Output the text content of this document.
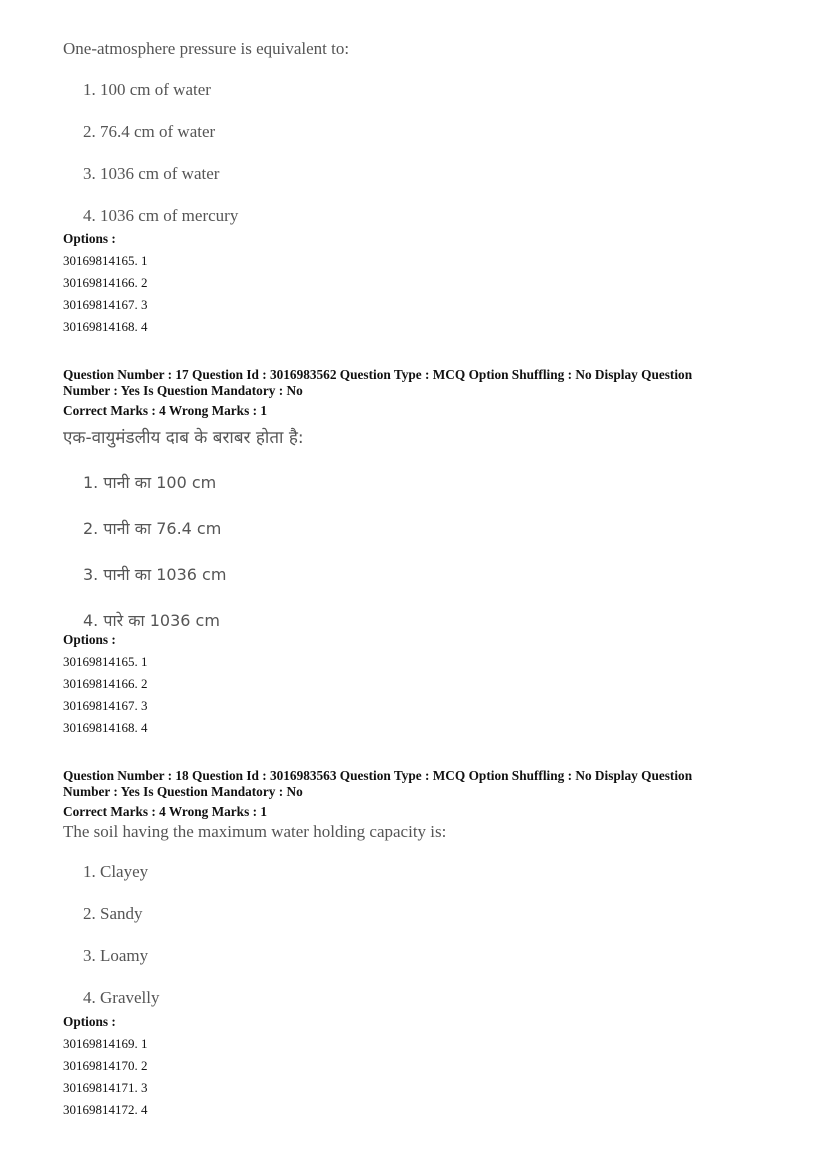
One-atmosphere pressure is equivalent to:
1. 100 cm of water
2. 76.4 cm of water
3. 1036 cm of water
4. 1036 cm of mercury
Options :
30169814165. 1
30169814166. 2
30169814167. 3
30169814168. 4
Question Number : 17 Question Id : 3016983562 Question Type : MCQ Option Shuffling : No Display Question
Number : Yes Is Question Mandatory : No
Correct Marks : 4 Wrong Marks : 1
एक-वायुमंडलीय दाब के बराबर होता है:
1. पानी का 100 cm
2. पानी का 76.4 cm
3. पानी का 1036 cm
4. पारे का 1036 cm
Options :
30169814165. 1
30169814166. 2
30169814167. 3
30169814168. 4
Question Number : 18 Question Id : 3016983563 Question Type : MCQ Option Shuffling : No Display Question
Number : Yes Is Question Mandatory : No
Correct Marks : 4 Wrong Marks : 1
The soil having the maximum water holding capacity is:
1. Clayey
2. Sandy
3. Loamy
4. Gravelly
Options :
30169814169. 1
30169814170. 2
30169814171. 3
30169814172. 4
